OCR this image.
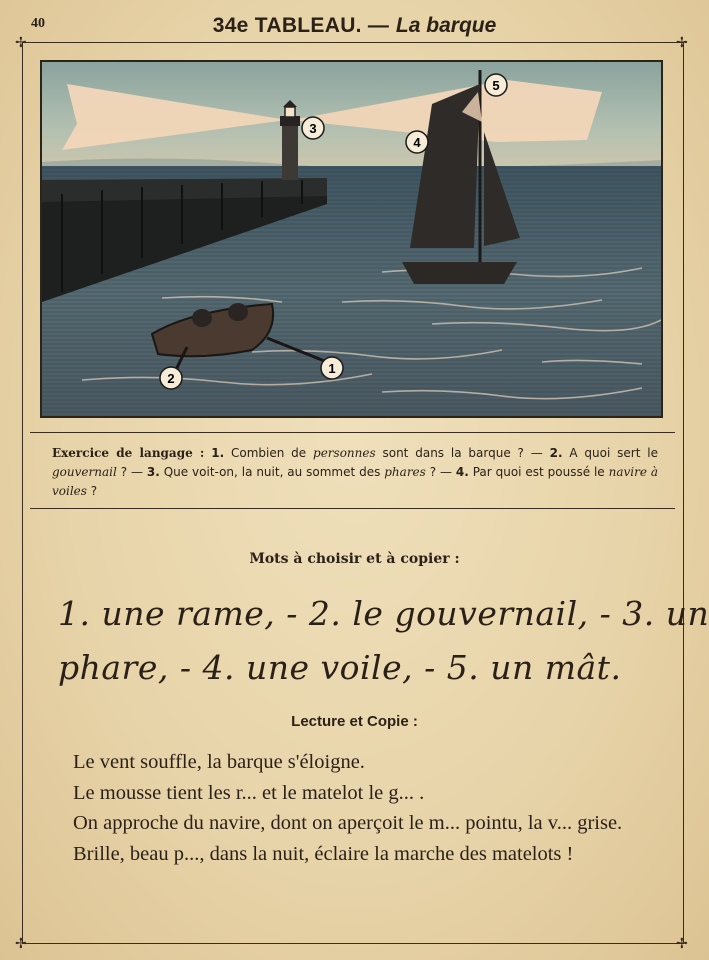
40	34e TABLEAU. — La barque
✢	✢
✢	✢
1
2
3
4
5
Exercice de langage : 1. Combien de personnes sont dans la barque ? — 2. A quoi sert le gouvernail ? — 3. Que voit-on, la nuit, au sommet des phares ? — 4. Par quoi est poussé le navire à voiles ?
Mots à choisir et à copier :
1. une rame, - 2. le gouvernail, - 3. un
phare, - 4. une voile, - 5. un mât.
Lecture et Copie :

Le vent souffle, la barque s'éloigne.

Le mousse tient les r... et le matelot le g... .

On approche du navire, dont on aperçoit le m... pointu, la v... grise.

Brille, beau p..., dans la nuit, éclaire la marche des matelots !
